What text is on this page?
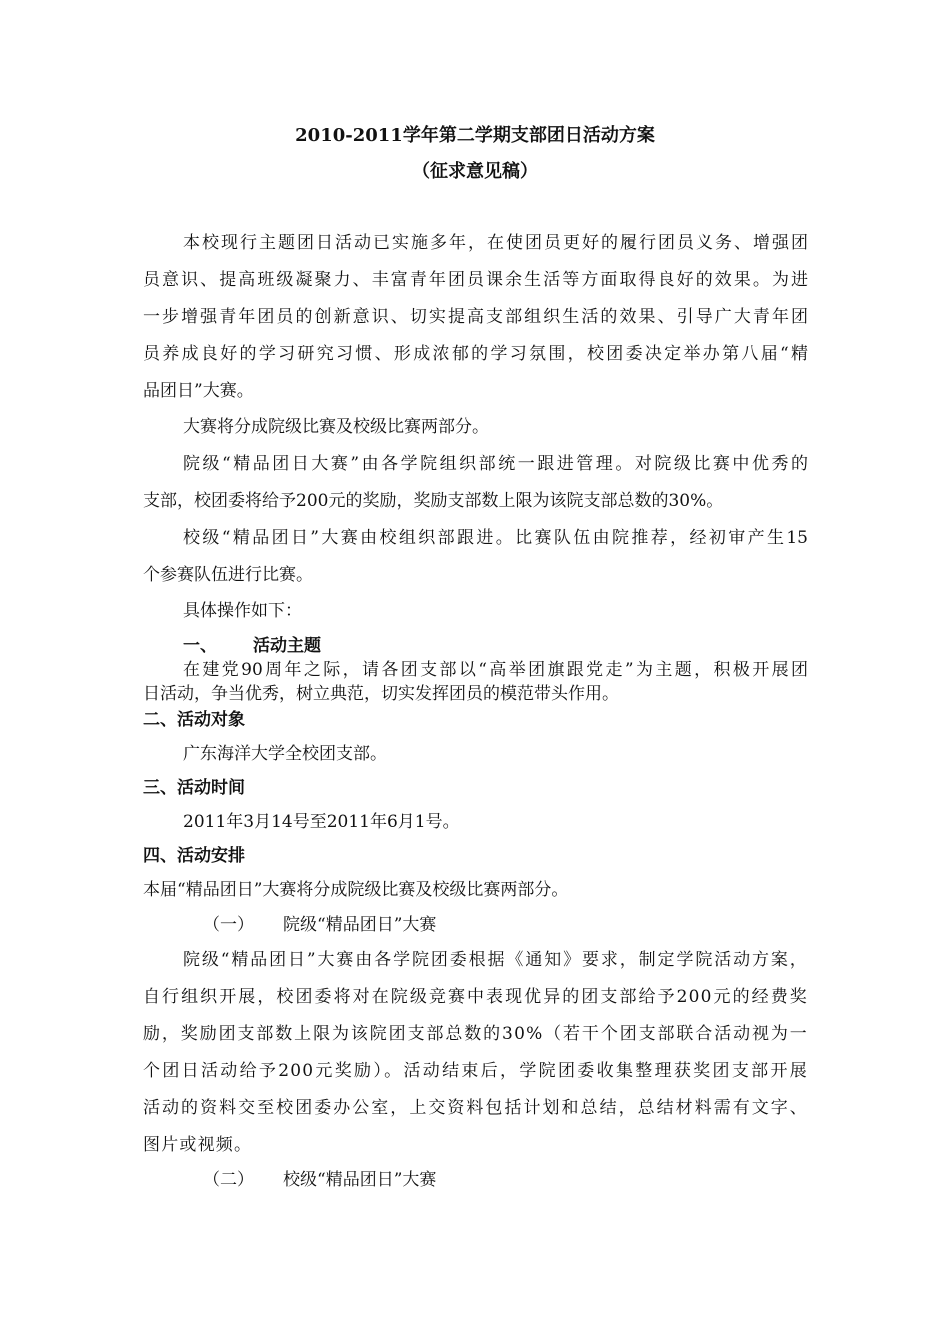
2010-2011学年第二学期支部团日活动方案
（征求意见稿）
本校现行主题团日活动已实施多年，在使团员更好的履行团员义务、增强团
员意识、提高班级凝聚力、丰富青年团员课余生活等方面取得良好的效果。为进
一步增强青年团员的创新意识、切实提高支部组织生活的效果、引导广大青年团
员养成良好的学习研究习惯、形成浓郁的学习氛围，校团委决定举办第八届“精
品团日”大赛。
大赛将分成院级比赛及校级比赛两部分。
院级“精品团日大赛”由各学院组织部统一跟进管理。对院级比赛中优秀的
支部，校团委将给予200元的奖励，奖励支部数上限为该院支部总数的30%。
校级“精品团日”大赛由校组织部跟进。比赛队伍由院推荐，经初审产生15
个参赛队伍进行比赛。
具体操作如下：
一、 活动主题
在建党90周年之际，请各团支部以“高举团旗跟党走”为主题，积极开展团
日活动，争当优秀，树立典范，切实发挥团员的模范带头作用。
二、活动对象
广东海洋大学全校团支部。
三、活动时间
2011年3月14号至2011年6月1号。
四、活动安排
本届“精品团日”大赛将分成院级比赛及校级比赛两部分。
（一） 院级“精品团日”大赛
院级“精品团日”大赛由各学院团委根据《通知》要求，制定学院活动方案，
自行组织开展，校团委将对在院级竞赛中表现优异的团支部给予200元的经费奖
励，奖励团支部数上限为该院团支部总数的30%（若干个团支部联合活动视为一
个团日活动给予200元奖励）。活动结束后，学院团委收集整理获奖团支部开展
活动的资料交至校团委办公室，上交资料包括计划和总结，总结材料需有文字、
图片或视频。
（二） 校级“精品团日”大赛
